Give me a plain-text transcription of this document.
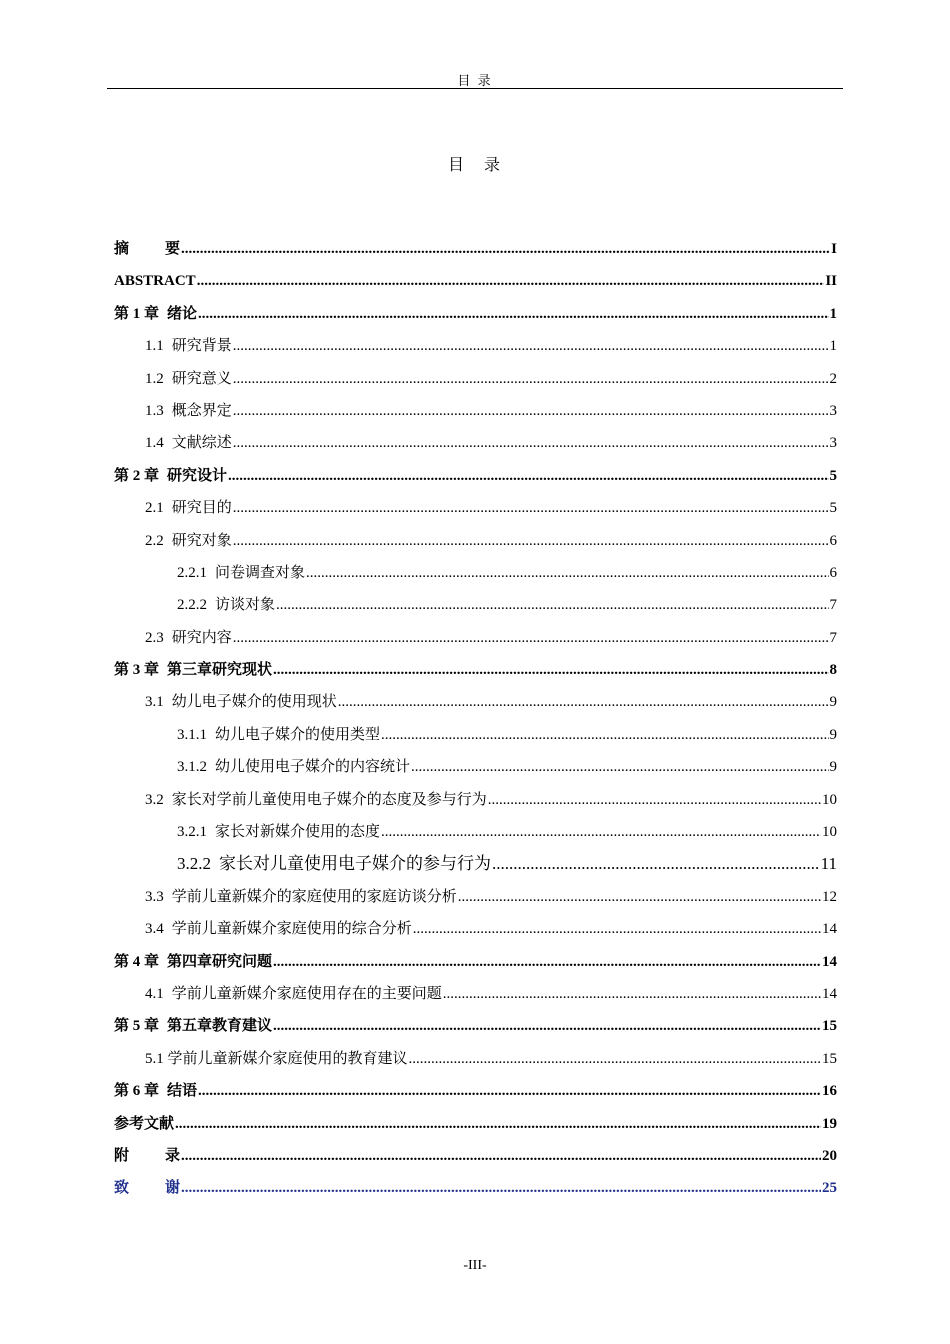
目 录
目　录
摘 要 .....	I
ABSTRACT .....	II
第 1 章 绪论 .....	1
1.1 研究背景 .....	1
1.2 研究意义 .....	2
1.3 概念界定 .....	3
1.4 文献综述 .....	3
第 2 章 研究设计 .....	5
2.1 研究目的 .....	5
2.2 研究对象 .....	6
2.2.1 问卷调查对象 .....	6
2.2.2 访谈对象 .....	7
2.3 研究内容 .....	7
第 3 章 第三章研究现状 .....	8
3.1 幼儿电子媒介的使用现状 .....	9
3.1.1 幼儿电子媒介的使用类型 .....	9
3.1.2 幼儿使用电子媒介的内容统计 .....	9
3.2 家长对学前儿童使用电子媒介的态度及参与行为 .....	10
3.2.1 家长对新媒介使用的态度 .....	10
3.2.2 家长对儿童使用电子媒介的参与行为 .....	11
3.3 学前儿童新媒介的家庭使用的家庭访谈分析 .....	12
3.4 学前儿童新媒介家庭使用的综合分析 .....	14
第 4 章 第四章研究问题 .....	14
4.1 学前儿童新媒介家庭使用存在的主要问题 .....	14
第 5 章 第五章教育建议 .....	15
5.1 学前儿童新媒介家庭使用的教育建议 .....	15
第 6 章 结语 .....	16
参考文献 .....	19
附 录 .....	20
致 谢 .....	25
-III-
